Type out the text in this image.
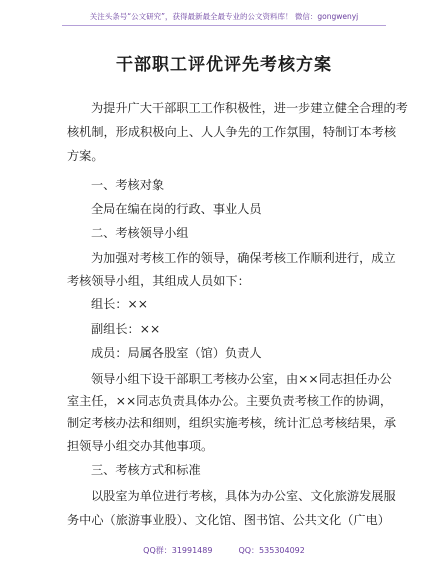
关注头条号“公文研究”，获得最新最全最专业的公文资料库！ 微信：gongwenyj
干部职工评优评先考核方案
为提升广大干部职工工作积极性，进一步建立健全合理的考
核机制，形成积极向上、人人争先的工作氛围，特制订本考核
方案。
一、考核对象
全局在编在岗的行政、事业人员
二、考核领导小组
为加强对考核工作的领导，确保考核工作顺利进行，成立
考核领导小组，其组成人员如下：
组长：××
副组长：××
成员：局属各股室（馆）负责人
领导小组下设干部职工考核办公室，由××同志担任办公
室主任，××同志负责具体办公。主要负责考核工作的协调，
制定考核办法和细则，组织实施考核，统计汇总考核结果，承
担领导小组交办其他事项。
三、考核方式和标准
以股室为单位进行考核，具体为办公室、文化旅游发展服
务中心（旅游事业股）、文化馆、图书馆、公共文化（广电）
QQ群：31991489	QQ：535304092
